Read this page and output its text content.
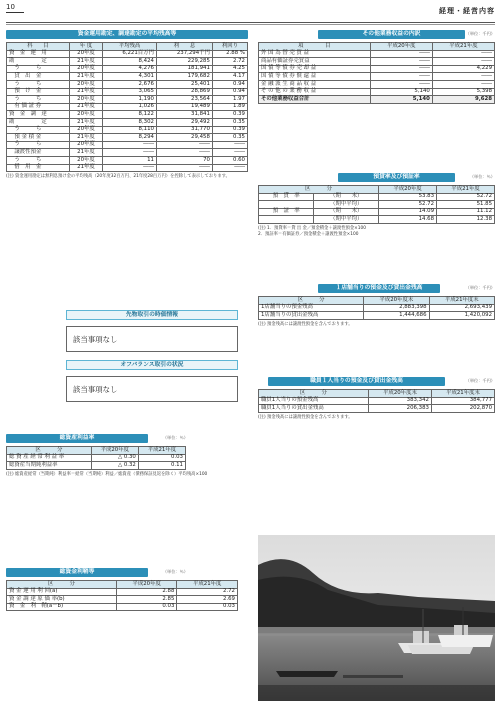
10	経理・経営内容
資金運用勘定、調達勘定の平均残高等
科　　目	年 度	平均残高	利　　息	利回り
資　金　運　用	20年度	6,221百万円	237,294千円	2.88 %
勘　　　　　定	21年度	8,424	229,285	2.72
　う　　　ち	20年度	4,276	181,941	4.25
　貸　出　金	21年度	4,301	179,682	4.17
　う　　　ち	20年度	2,676	25,401	0.94
　預　け　金	21年度	3,065	28,869	0.94
　う　　　ち	20年度	1,190	23,564	1.97
　有 価 証 券	21年度	1,026	19,489	1.89
資　金　調　達	20年度	8,122	31,841	0.39
勘　　　　　定	21年度	8,302	29,492	0.35
　う　　　ち	20年度	8,110	31,770	0.39
　預 金 積 金	21年度	8,294	29,458	0.35
　う　　　ち	20年度	――	――	――
　譲渡性預金	21年度	――	――	――
　う　　　ち	20年度	11	70	0.60
　借　用　金	21年度	――	――	――
(注) 資金運用勘定は無利息預け金の平均残高（20年度32百万円、21年度28百万円）を控除して表示しております。
その他業務収益の内訳	（単位：千円）
項　　　　目	平成20年度	平成21年度
外 国 為 替 売 買 益	――	――
商品有価証券売買益	――	――
国 債 等 債 券 売 却 益	――	4,229
国 債 等 債 券 償 還 益	――	――
金 融 派 生 商 品 収 益	――	――
そ の 他 の 業 務 収 益	5,140	5,398
その他業務収益合計	5,140	9,628
預貸率及び預証率	（単位：％）
区　　　分		平成20年度	平成21年度
預　貸　率	（期　　末）	53.83	52.72
	（期中平均）	52.72	51.85
預　証　率	（期　　末）	14.09	11.12
	（期中平均）	14.68	12.38
(注) 1．預貸率＝貸 出 金／預金積金＋譲渡性預金×100
2．預証率＝有価証券／預金積金＋譲渡性預金×100
１店舗当りの預金及び貸出金残高	（単位：千円）
区　　　分	平成20年度末	平成21年度末
1店舗当りの預金残高	2,883,398	2,693,439
1店舗当りの貸出金残高	1,444,686	1,420,092
(注) 預金残高には譲渡性預金を含んでおります。
先物取引の時価情報
該当事項なし
職員１人当りの預金及び貸出金残高	（単位：千円）
区　　　分	平成20年度末	平成21年度末
職員1人当りの預金残高	383,342	384,777
職員1人当りの貸出金残高	206,383	202,870
(注) 預金残高には譲渡性預金を含んでおります。
オフバランス取引の状況
該当事項なし
総資産利益率	（単位：％）
区　　　分	平成20年度	平成21年度
総 資 産 経 常 利 益 率	△ 0.30	0.03
総資産当期純利益率	△ 0.32	0.11
(注) 総資産経常（当期純）利益率＝経常（当期純）利益／総資産（債務保証見返を除く）平均残高×100
総資金利鞘等	（単位：％）
区　　　分	平成20年度	平成21年度
資 金 運 用 利 回(a)	2.88	2.72
資 金 調 達 原 価 率(b)	2.85	2.69
資　金　利　鞘(a－b)	0.03	0.03
